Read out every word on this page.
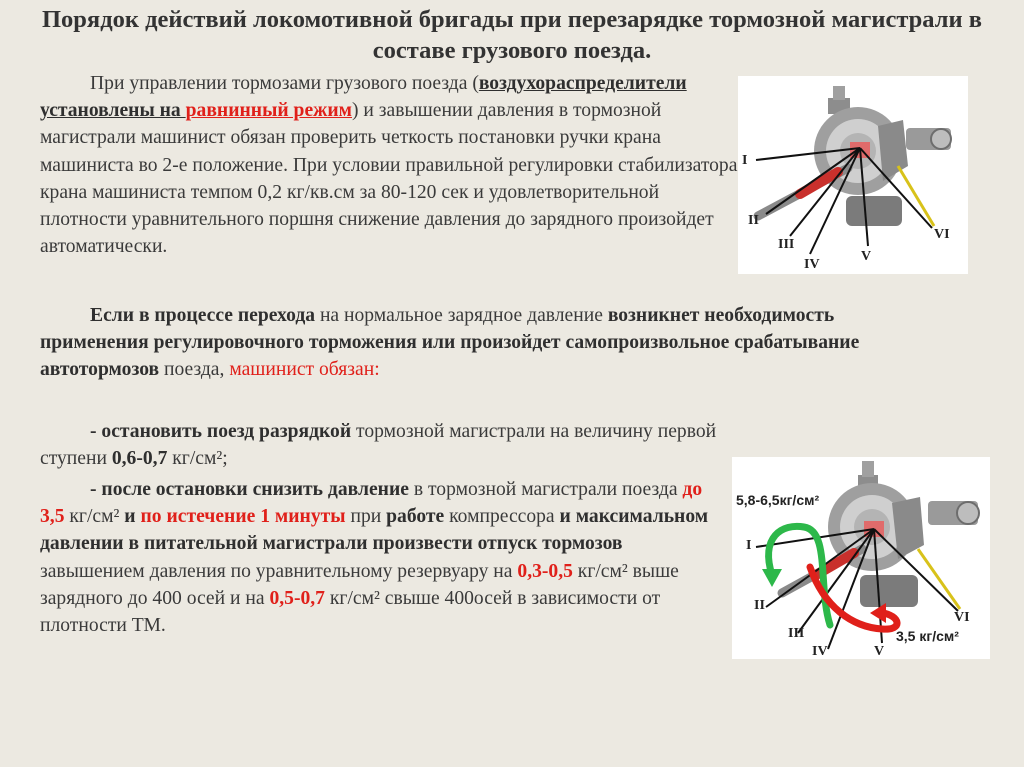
Порядок действий локомотивной бригады при перезарядке тормозной магистрали в составе грузового поезда.

При управлении тормозами грузового поезда (воздухораспределители установлены на равнинный режим) и завышении давления в тормозной магистрали машинист обязан проверить четкость постановки ручки крана машиниста во 2-е положение. При условии правильной регулировки стабилизатора крана машиниста темпом 0,2 кг/кв.см за 80-120 сек и удовлетворительной плотности уравнительного поршня снижение давления до зарядного произойдет автоматически.

Если в процессе перехода на нормальное зарядное давление возникнет необходимость применения регулировочного торможения или произойдет самопроизвольное срабатывание автотормозов поезда, машинист обязан:

- остановить поезд разрядкой тормозной магистрали на величину первой ступени 0,6-0,7 кг/см²;

- после остановки снизить давление в тормозной магистрали поезда до 3,5 кг/см² и по истечение 1 минуты при работе компрессора и максимальном давлении в питательной магистрали произвести отпуск тормозов завышением давления по уравнительному резервуару на 0,3-0,5 кг/см² выше зарядного до 400 осей и на 0,5-0,7 кг/см² свыше 400осей в зависимости от плотности ТМ.

I
II
III
IV
V
VI
5,8-6,5кг/см²
3,5 кг/см²
I
II
III
IV	V
VI
